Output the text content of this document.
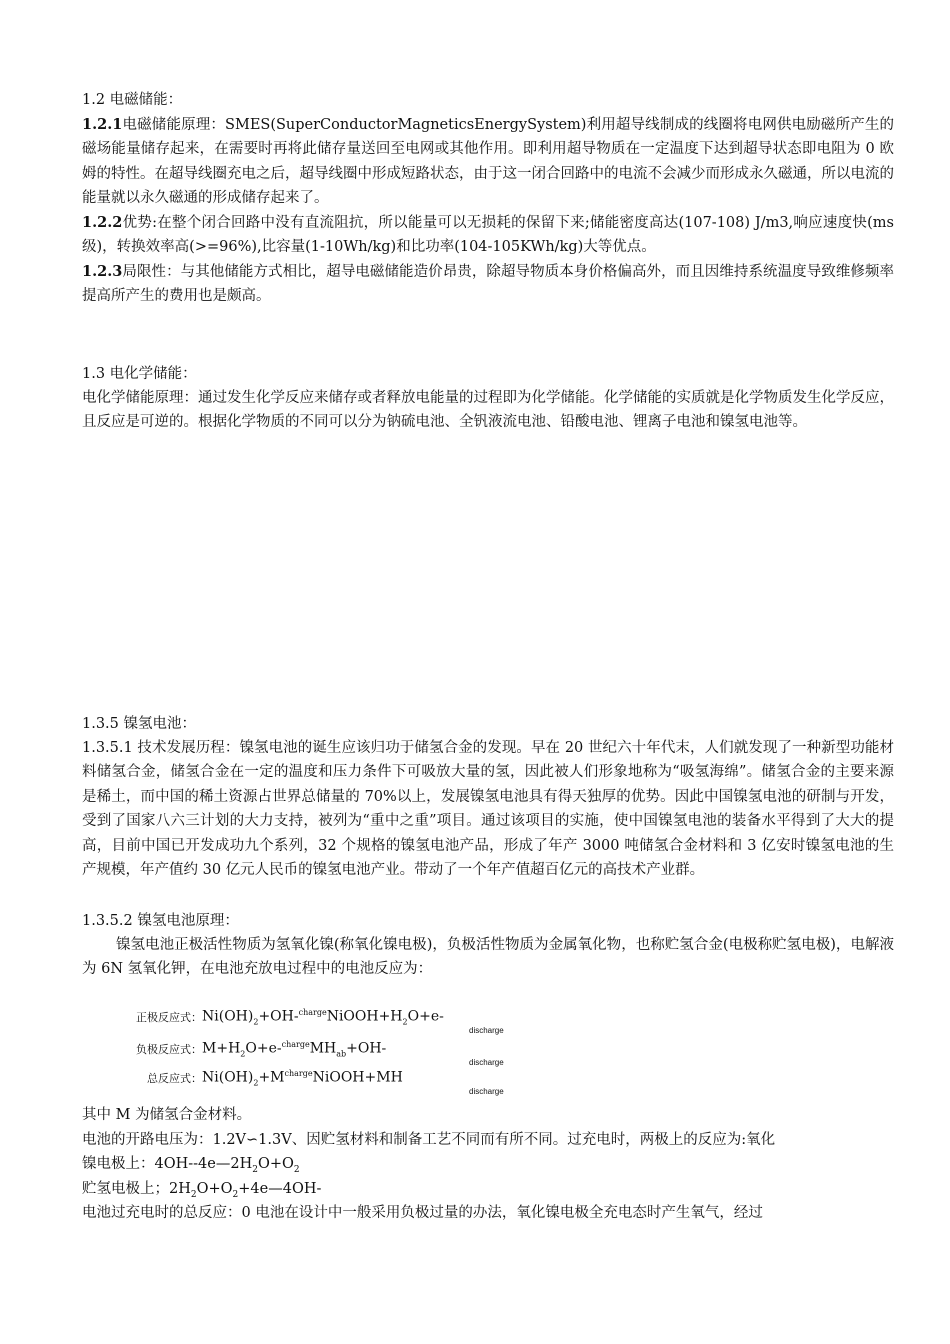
1.2 电磁储能：

1.2.1电磁储能原理：SMES(SuperConductorMagneticsEnergySystem)利用超导线制成的线圈将电网供电励磁所产生的磁场能量储存起来，在需要时再将此储存量送回至电网或其他作用。即利用超导物质在一定温度下达到超导状态即电阻为 0 欧姆的特性。在超导线圈充电之后，超导线圈中形成短路状态，由于这一闭合回路中的电流不会减少而形成永久磁通，所以电流的能量就以永久磁通的形成储存起来了。

1.2.2优势:在整个闭合回路中没有直流阻抗，所以能量可以无损耗的保留下来;储能密度高达(107-108) J/m3,响应速度快(ms 级)，转换效率高(>=96%),比容量(1-10Wh/kg)和比功率(104-105KWh/kg)大等优点。

1.2.3局限性：与其他储能方式相比，超导电磁储能造价昂贵，除超导物质本身价格偏高外，而且因维持系统温度导致维修频率提高所产生的费用也是颇高。

1.3 电化学储能：

电化学储能原理：通过发生化学反应来储存或者释放电能量的过程即为化学储能。化学储能的实质就是化学物质发生化学反应，且反应是可逆的。根据化学物质的不同可以分为钠硫电池、全钒液流电池、铅酸电池、锂离子电池和镍氢电池等。

1.3.5 镍氢电池：

1.3.5.1 技术发展历程：镍氢电池的诞生应该归功于储氢合金的发现。早在 20 世纪六十年代末，人们就发现了一种新型功能材料储氢合金，储氢合金在一定的温度和压力条件下可吸放大量的氢，因此被人们形象地称为“吸氢海绵”。储氢合金的主要来源是稀土，而中国的稀土资源占世界总储量的 70%以上，发展镍氢电池具有得天独厚的优势。因此中国镍氢电池的研制与开发，受到了国家八六三计划的大力支持，被列为“重中之重”项目。通过该项目的实施，使中国镍氢电池的装备水平得到了大大的提高，目前中国已开发成功九个系列，32 个规格的镍氢电池产品，形成了年产 3000 吨储氢合金材料和 3 亿安时镍氢电池的生产规模，年产值约 30 亿元人民币的镍氢电池产业。带动了一个年产值超百亿元的高技术产业群。

1.3.5.2 镍氢电池原理：

镍氢电池正极活性物质为氢氧化镍(称氧化镍电极)，负极活性物质为金属氧化物，也称贮氢合金(电极称贮氢电极)，电解液为 6N 氢氧化钾，在电池充放电过程中的电池反应为：

正极反应式：$Ni(OH)_2+OH-^{charge}NiOOH+H_2O+e-$
discharge
负极反应式：$M+H_2O+e-^{charge}MH_{ab}+OH-$
discharge
总反应式：$Ni(OH)_2+M^{charge}NiOOH+MH$
discharge

其中 M 为储氢合金材料。

电池的开路电压为：1.2V∽1.3V、因贮氢材料和制备工艺不同而有所不同。过充电时，两极上的反应为:氧化

镍电极上：$4OH--4e—2H_2O+O_2$

贮氢电极上；$2H_2O+O_2+4e—4OH-$

电池过充电时的总反应：0 电池在设计中一般采用负极过量的办法，氧化镍电极全充电态时产生氧气，经过
